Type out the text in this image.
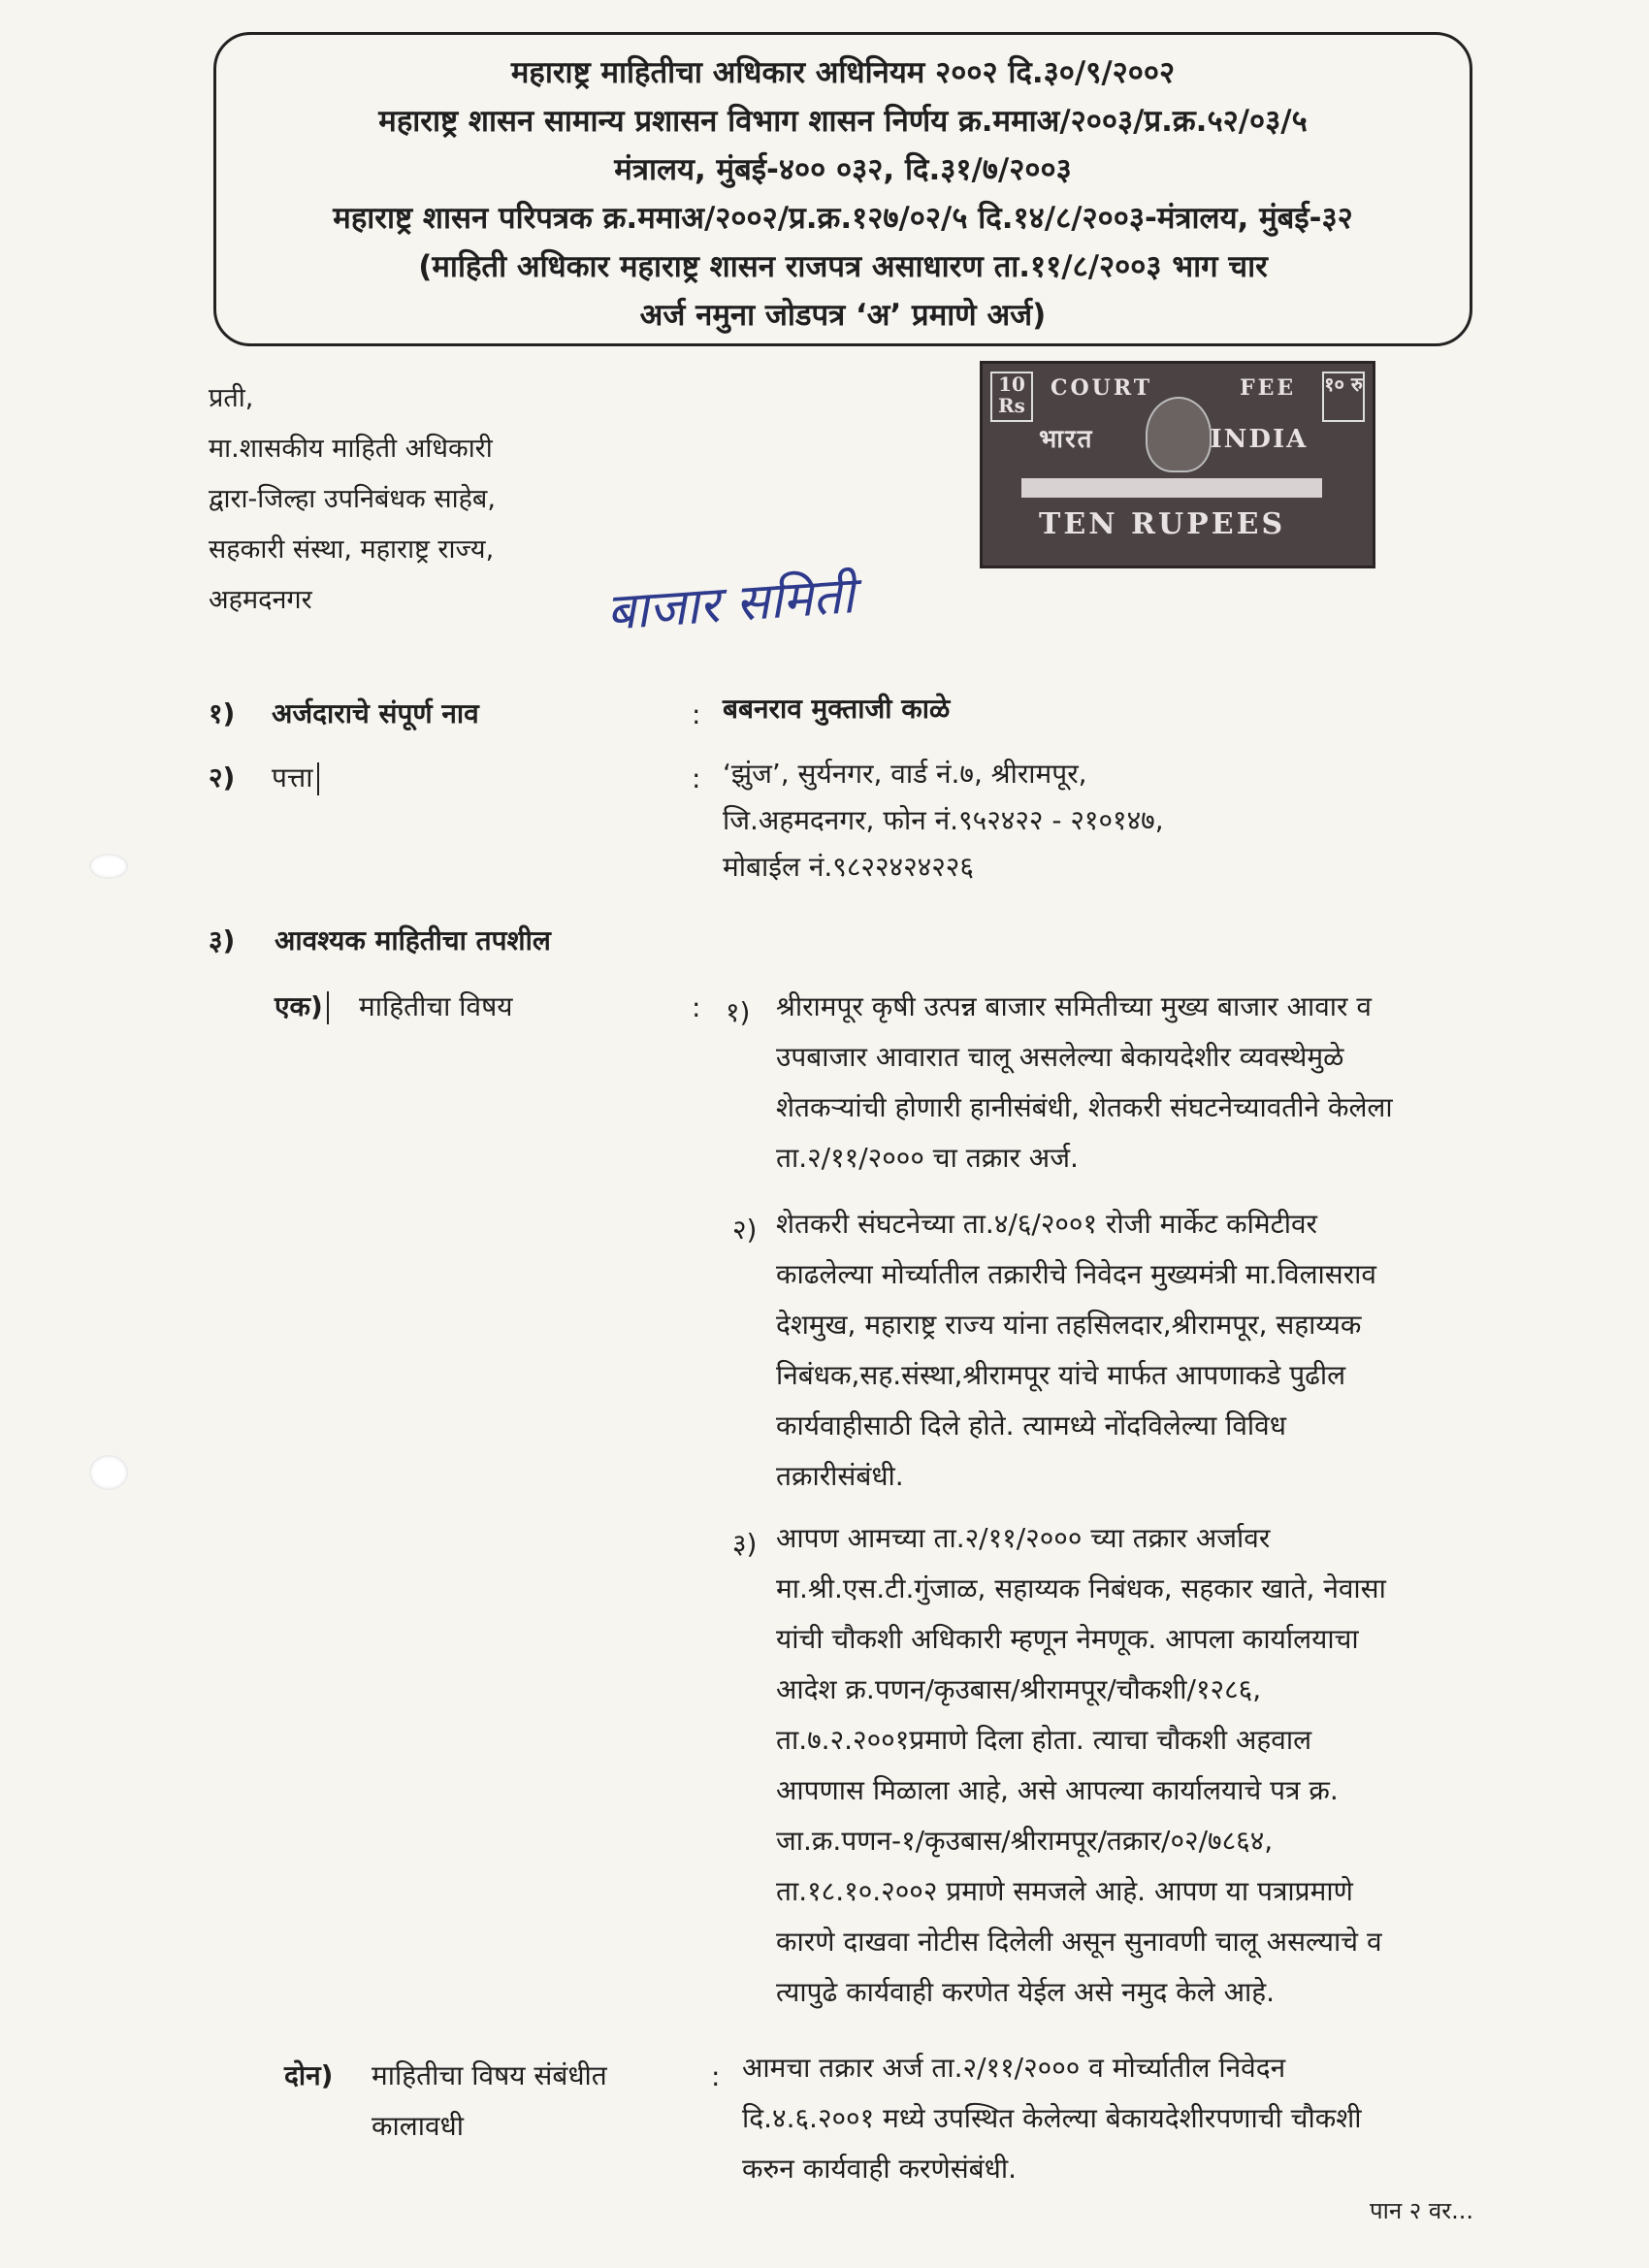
महाराष्ट्र माहितीचा अधिकार अधिनियम २००२ दि.३०/९/२००२
महाराष्ट्र शासन सामान्य प्रशासन विभाग शासन निर्णय क्र.ममाअ/२००३/प्र.क्र.५२/०३/५
मंत्रालय, मुंबई-४०० ०३२, दि.३१/७/२००३
महाराष्ट्र शासन परिपत्रक क्र.ममाअ/२००२/प्र.क्र.१२७/०२/५ दि.१४/८/२००३-मंत्रालय, मुंबई-३२
(माहिती अधिकार महाराष्ट्र शासन राजपत्र असाधारण ता.११/८/२००३ भाग चार
अर्ज नमुना जोडपत्र ‘अ’ प्रमाणे अर्ज)
प्रती,
मा.शासकीय माहिती अधिकारी
द्वारा-जिल्हा उपनिबंधक साहेब,
सहकारी संस्था, महाराष्ट्र राज्य,
अहमदनगर
10 Rs
१० रु
COURT	FEE
भारत	INDIA
TEN RUPEES
बाजार समिती
१) अर्जदाराचे संपूर्ण नाव	: बबनराव मुक्ताजी काळे
२) पत्ता	: ‘झुंज’, सुर्यनगर, वार्ड नं.७, श्रीरामपूर,
जि.अहमदनगर, फोन नं.९५२४२२ - २१०१४७,
मोबाईल नं.९८२२४२४२२६
३) आवश्यक माहितीचा तपशील
एक) माहितीचा विषय	: १) श्रीरामपूर कृषी उत्पन्न बाजार समितीच्या मुख्य बाजार आवार व
उपबाजार आवारात चालू असलेल्या बेकायदेशीर व्यवस्थेमुळे
शेतकऱ्यांची होणारी हानीसंबंधी, शेतकरी संघटनेच्यावतीने केलेला
ता.२/११/२००० चा तक्रार अर्ज.
२) शेतकरी संघटनेच्या ता.४/६/२००१ रोजी मार्केट कमिटीवर
काढलेल्या मोर्च्यातील तक्रारीचे निवेदन मुख्यमंत्री मा.विलासराव
देशमुख, महाराष्ट्र राज्य यांना तहसिलदार,श्रीरामपूर, सहाय्यक
निबंधक,सह.संस्था,श्रीरामपूर यांचे मार्फत आपणाकडे पुढील
कार्यवाहीसाठी दिले होते. त्यामध्ये नोंदविलेल्या विविध
तक्रारीसंबंधी.
३) आपण आमच्या ता.२/११/२००० च्या तक्रार अर्जावर
मा.श्री.एस.टी.गुंजाळ, सहाय्यक निबंधक, सहकार खाते, नेवासा
यांची चौकशी अधिकारी म्हणून नेमणूक. आपला कार्यालयाचा
आदेश क्र.पणन/कृउबास/श्रीरामपूर/चौकशी/१२८६,
ता.७.२.२००१प्रमाणे दिला होता. त्याचा चौकशी अहवाल
आपणास मिळाला आहे, असे आपल्या कार्यालयाचे पत्र क्र.
जा.क्र.पणन-१/कृउबास/श्रीरामपूर/तक्रार/०२/७८६४,
ता.१८.१०.२००२ प्रमाणे समजले आहे. आपण या पत्राप्रमाणे
कारणे दाखवा नोटीस दिलेली असून सुनावणी चालू असल्याचे व
त्यापुढे कार्यवाही करणेत येईल असे नमुद केले आहे.
दोन) माहितीचा विषय संबंधीत
कालावधी
: आमचा तक्रार अर्ज ता.२/११/२००० व मोर्च्यातील निवेदन
दि.४.६.२००१ मध्ये उपस्थित केलेल्या बेकायदेशीरपणाची चौकशी
करुन कार्यवाही करणेसंबंधी.
पान २ वर...
